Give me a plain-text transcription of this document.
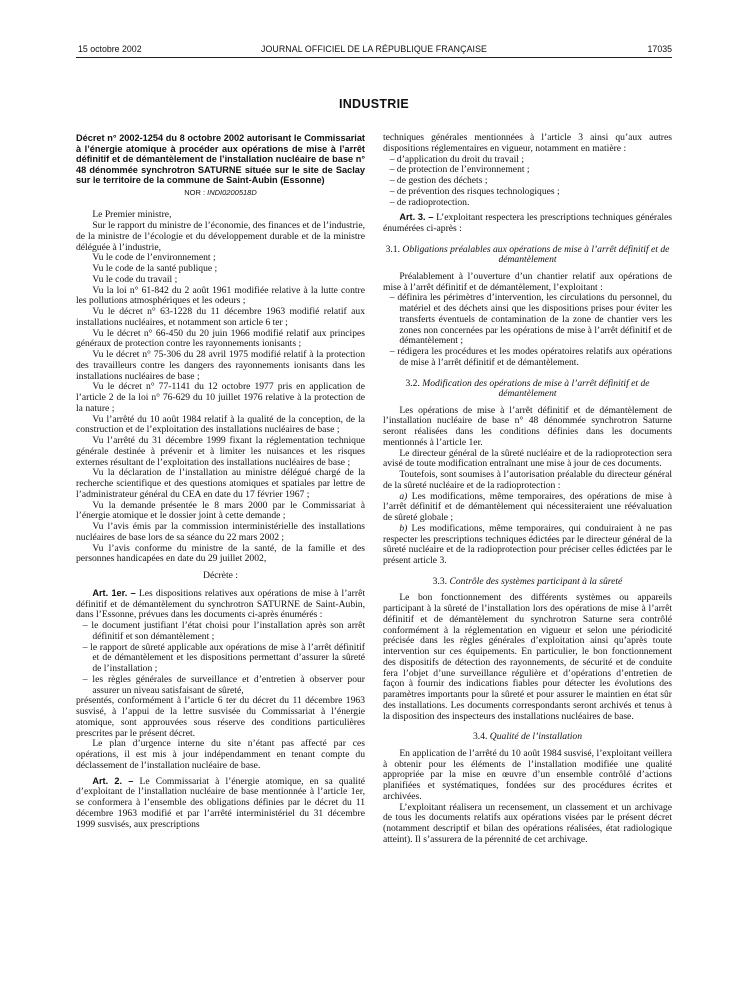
15 octobre 2002	JOURNAL OFFICIEL DE LA RÉPUBLIQUE FRANÇAISE	17035
INDUSTRIE

Décret n° 2002-1254 du 8 octobre 2002 autorisant le Commissariat à l’énergie atomique à procéder aux opérations de mise à l’arrêt définitif et de démantèlement de l’installation nucléaire de base n° 48 dénommée synchrotron SATURNE située sur le site de Saclay sur le territoire de la commune de Saint-Aubin (Essonne)

NOR : INDI0200518D

Le Premier ministre,

Sur le rapport du ministre de l’économie, des finances et de l’industrie, de la ministre de l’écologie et du développement durable et de la ministre déléguée à l’industrie,

Vu le code de l’environnement ;

Vu le code de la santé publique ;

Vu le code du travail ;

Vu la loi n° 61-842 du 2 août 1961 modifiée relative à la lutte contre les pollutions atmosphériques et les odeurs ;

Vu le décret n° 63-1228 du 11 décembre 1963 modifié relatif aux installations nucléaires, et notamment son article 6 ter ;

Vu le décret n° 66-450 du 20 juin 1966 modifié relatif aux principes généraux de protection contre les rayonnements ionisants ;

Vu le décret n° 75-306 du 28 avril 1975 modifié relatif à la protection des travailleurs contre les dangers des rayonnements ionisants dans les installations nucléaires de base ;

Vu le décret n° 77-1141 du 12 octobre 1977 pris en application de l’article 2 de la loi n° 76-629 du 10 juillet 1976 relative à la protection de la nature ;

Vu l’arrêté du 10 août 1984 relatif à la qualité de la conception, de la construction et de l’exploitation des installations nucléaires de base ;

Vu l’arrêté du 31 décembre 1999 fixant la réglementation technique générale destinée à prévenir et à limiter les nuisances et les risques externes résultant de l’exploitation des installations nucléaires de base ;

Vu la déclaration de l’installation au ministre délégué chargé de la recherche scientifique et des questions atomiques et spatiales par lettre de l’administrateur général du CEA en date du 17 février 1967 ;

Vu la demande présentée le 8 mars 2000 par le Commissariat à l’énergie atomique et le dossier joint à cette demande ;

Vu l’avis émis par la commission interministérielle des installations nucléaires de base lors de sa séance du 22 mars 2002 ;

Vu l’avis conforme du ministre de la santé, de la famille et des personnes handicapées en date du 29 juillet 2002,

Décrète :

Art. 1er. – Les dispositions relatives aux opérations de mise à l’arrêt définitif et de démantèlement du synchrotron SATURNE de Saint-Aubin, dans l’Essonne, prévues dans les documents ci-après énumérés :

– le document justifiant l’état choisi pour l’installation après son arrêt définitif et son démantèlement ;
– le rapport de sûreté applicable aux opérations de mise à l’arrêt définitif et de démantèlement et les dispositions permettant d’assurer la sûreté de l’installation ;
– les règles générales de surveillance et d’entretien à observer pour assurer un niveau satisfaisant de sûreté,

présentés, conformément à l’article 6 ter du décret du 11 décembre 1963 susvisé, à l’appui de la lettre susvisée du Commissariat à l’énergie atomique, sont approuvées sous réserve des conditions particulières prescrites par le présent décret.

Le plan d’urgence interne du site n’étant pas affecté par ces opérations, il est mis à jour indépendamment en tenant compte du déclassement de l’installation nucléaire de base.

Art. 2. – Le Commissariat à l’énergie atomique, en sa qualité d’exploitant de l’installation nucléaire de base mentionnée à l’article 1er, se conformera à l’ensemble des obligations définies par le décret du 11 décembre 1963 modifié et par l’arrêté interministériel du 31 décembre 1999 susvisés, aux prescriptions

techniques générales mentionnées à l’article 3 ainsi qu’aux autres dispositions réglementaires en vigueur, notamment en matière :

– d’application du droit du travail ;
– de protection de l’environnement ;
– de gestion des déchets ;
– de prévention des risques technologiques ;
– de radioprotection.

Art. 3. – L’exploitant respectera les prescriptions techniques générales énumérées ci-après :

3.1. Obligations préalables aux opérations de mise à l’arrêt définitif et de démantèlement

Préalablement à l’ouverture d’un chantier relatif aux opérations de mise à l’arrêt définitif et de démantèlement, l’exploitant :

– définira les périmètres d’intervention, les circulations du personnel, du matériel et des déchets ainsi que les dispositions prises pour éviter les transferts éventuels de contamination de la zone de chantier vers les zones non concernées par les opérations de mise à l’arrêt définitif et de démantèlement ;
– rédigera les procédures et les modes opératoires relatifs aux opérations de mise à l’arrêt définitif et de démantèlement.

3.2. Modification des opérations de mise à l’arrêt définitif et de démantèlement

Les opérations de mise à l’arrêt définitif et de démantèlement de l’installation nucléaire de base n° 48 dénommée synchrotron Saturne seront réalisées dans les conditions définies dans les documents mentionnés à l’article 1er.

Le directeur général de la sûreté nucléaire et de la radioprotection sera avisé de toute modification entraînant une mise à jour de ces documents.

Toutefois, sont soumises à l’autorisation préalable du directeur général de la sûreté nucléaire et de la radioprotection :

a) Les modifications, même temporaires, des opérations de mise à l’arrêt définitif et de démantèlement qui nécessiteraient une réévaluation de sûreté globale ;

b) Les modifications, même temporaires, qui conduiraient à ne pas respecter les prescriptions techniques édictées par le directeur général de la sûreté nucléaire et de la radioprotection pour préciser celles édictées par le présent article 3.

3.3. Contrôle des systèmes participant à la sûreté

Le bon fonctionnement des différents systèmes ou appareils participant à la sûreté de l’installation lors des opérations de mise à l’arrêt définitif et de démantèlement du synchrotron Saturne sera contrôlé conformément à la réglementation en vigueur et selon une périodicité précisée dans les règles générales d’exploitation ainsi qu’après toute intervention sur ces équipements. En particulier, le bon fonctionnement des dispositifs de détection des rayonnements, de sécurité et de conduite fera l’objet d’une surveillance régulière et d’opérations d’entretien de façon à fournir des indications fiables pour détecter les évolutions des paramètres importants pour la sûreté et pour assurer le maintien en état sûr des installations. Les documents correspondants seront archivés et tenus à la disposition des inspecteurs des installations nucléaires de base.

3.4. Qualité de l’installation

En application de l’arrêté du 10 août 1984 susvisé, l’exploitant veillera à obtenir pour les éléments de l’installation modifiée une qualité appropriée par la mise en œuvre d’un ensemble contrôlé d’actions planifiées et systématiques, fondées sur des procédures écrites et archivées.

L’exploitant réalisera un recensement, un classement et un archivage de tous les documents relatifs aux opérations visées par le présent décret (notamment descriptif et bilan des opérations réalisées, état radiologique atteint). Il s’assurera de la pérennité de cet archivage.
